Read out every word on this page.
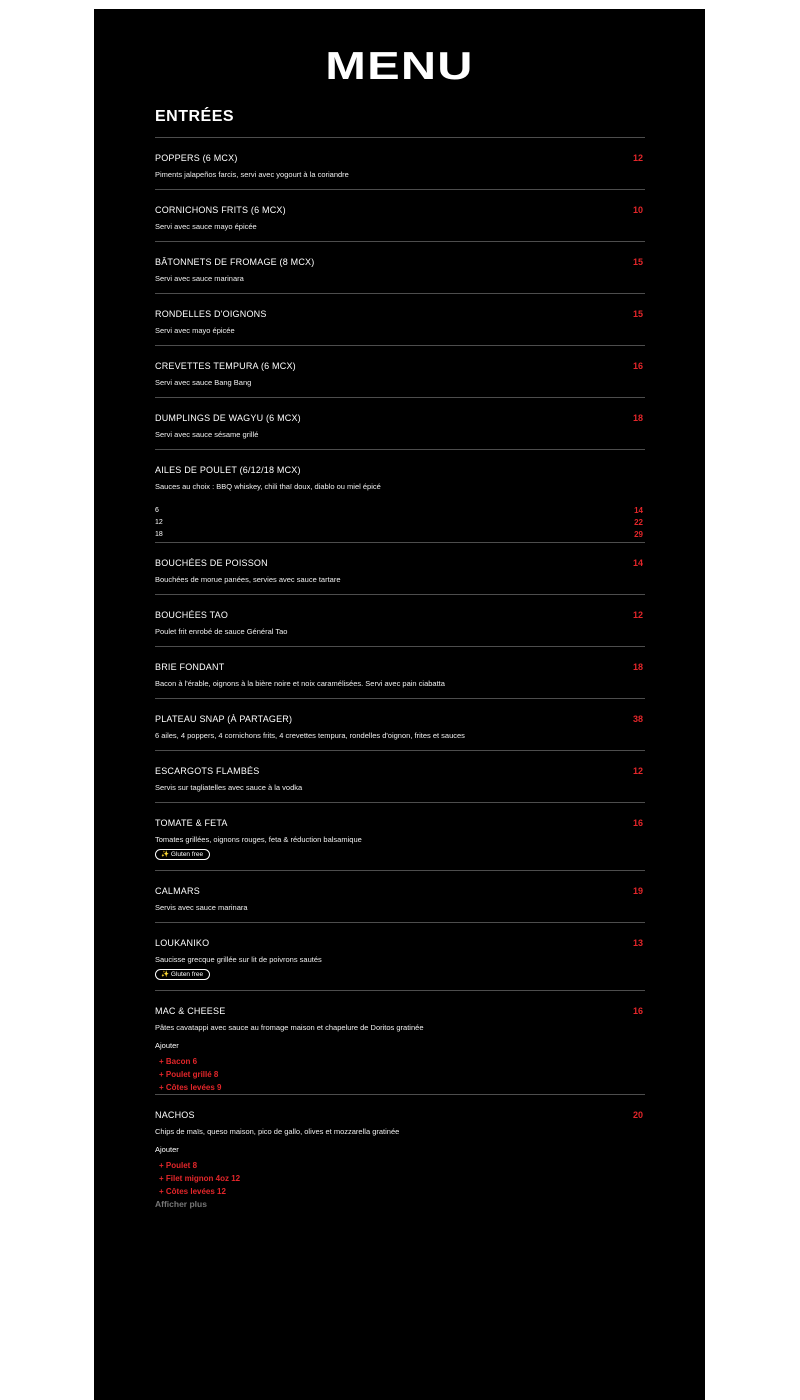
MENU
ENTRÉES
POPPERS (6 MCX)	12
Piments jalapeños farcis, servi avec yogourt à la coriandre
CORNICHONS FRITS (6 MCX)	10
Servi avec sauce mayo épicée
BÂTONNETS DE FROMAGE (8 MCX)	15
Servi avec sauce marinara
RONDELLES D'OIGNONS	15
Servi avec mayo épicée
CREVETTES TEMPURA (6 MCX)	16
Servi avec sauce Bang Bang
DUMPLINGS DE WAGYU (6 MCX)	18
Servi avec sauce sésame grillé
AILES DE POULET (6/12/18 MCX)
Sauces au choix : BBQ whiskey, chili thaï doux, diablo ou miel épicé
6	14
12	22
18	29
BOUCHÉES DE POISSON	14
Bouchées de morue panées, servies avec sauce tartare
BOUCHÉES TAO	12
Poulet frit enrobé de sauce Général Tao
BRIE FONDANT	18
Bacon à l'érable, oignons à la bière noire et noix caramélisées. Servi avec pain ciabatta
PLATEAU SNAP (À PARTAGER)	38
6 ailes, 4 poppers, 4 cornichons frits, 4 crevettes tempura, rondelles d'oignon, frites et sauces
ESCARGOTS FLAMBÉS	12
Servis sur tagliatelles avec sauce à la vodka
TOMATE & FETA	16
Tomates grillées, oignons rouges, feta & réduction balsamique
✨ Gluten free
CALMARS	19
Servis avec sauce marinara
LOUKANIKO	13
Saucisse grecque grillée sur lit de poivrons sautés
✨ Gluten free
MAC & CHEESE	16
Pâtes cavatappi avec sauce au fromage maison et chapelure de Doritos gratinée
Ajouter
+ Bacon 6
+ Poulet grillé 8
+ Côtes levées 9
NACHOS	20
Chips de maïs, queso maison, pico de gallo, olives et mozzarella gratinée
Ajouter
+ Poulet 8
+ Filet mignon 4oz 12
+ Côtes levées 12
Afficher plus
